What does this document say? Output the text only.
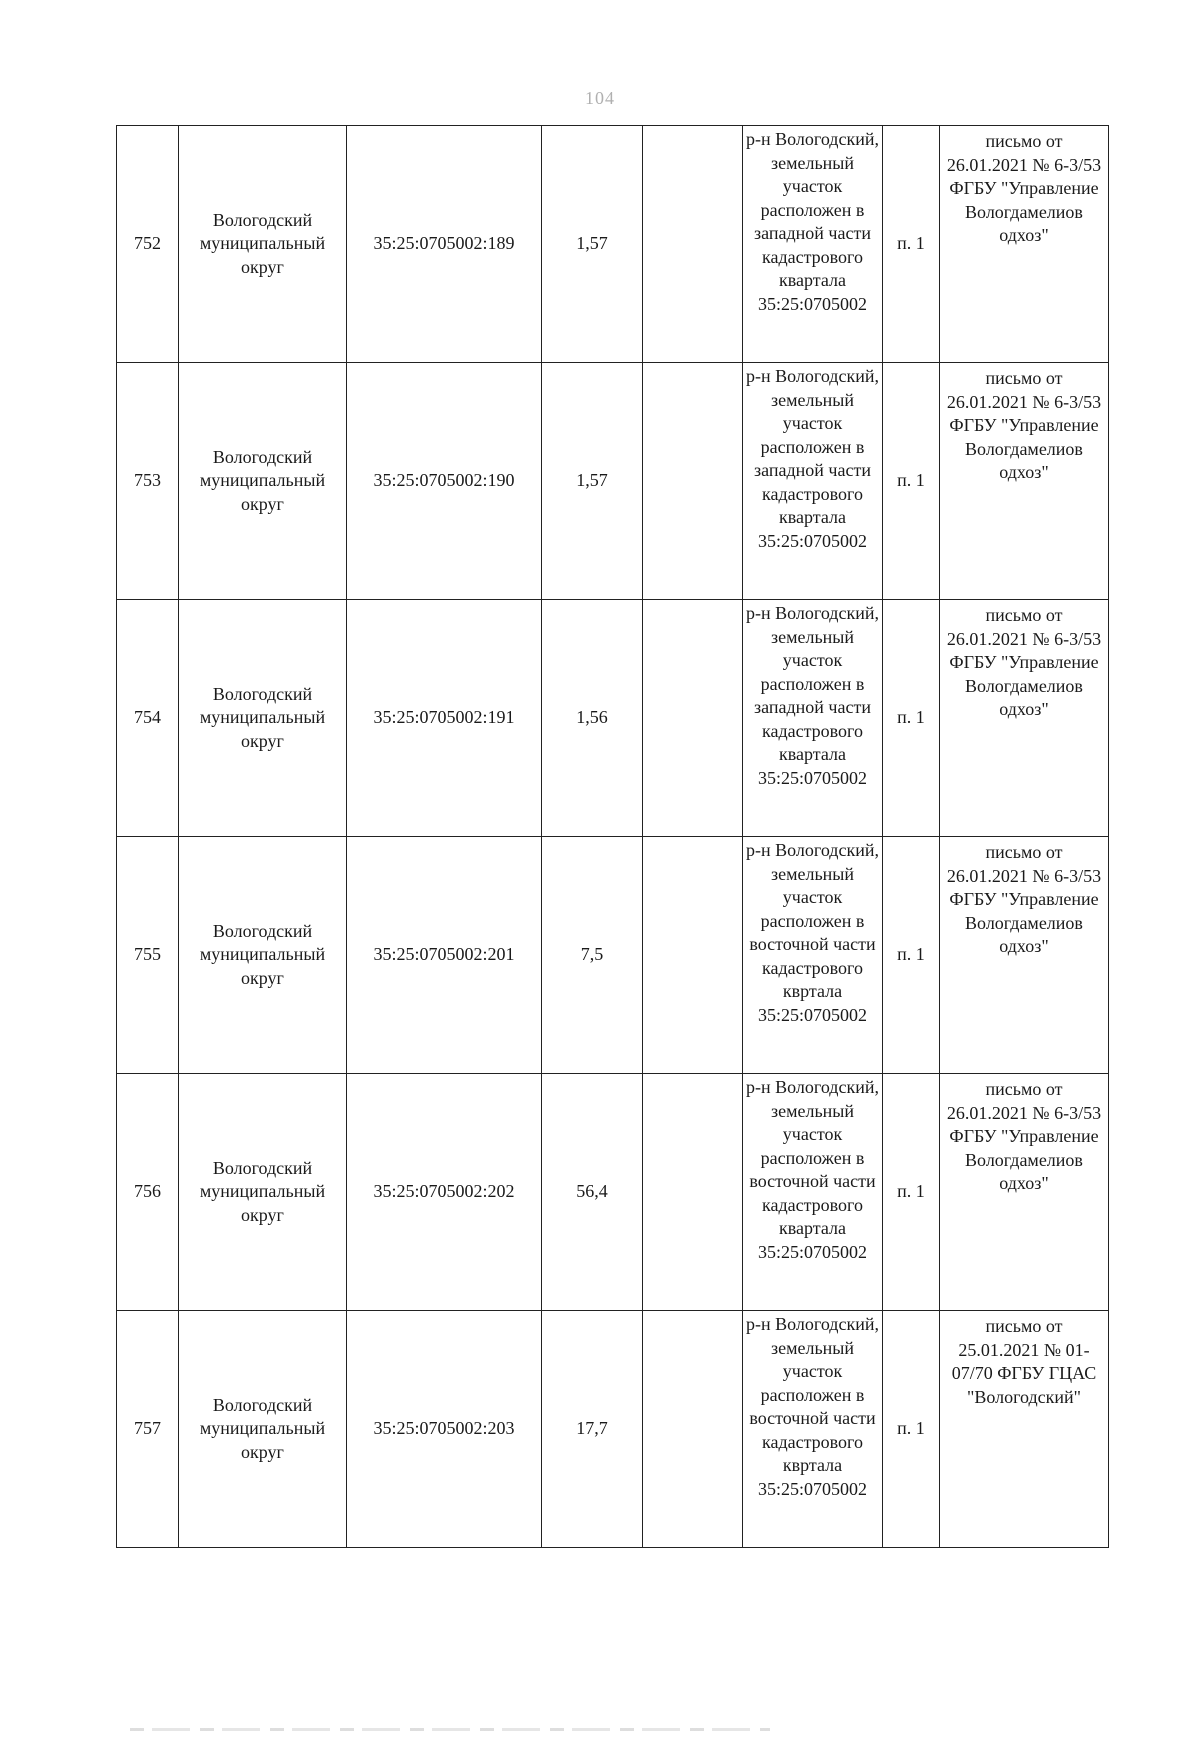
104
752	Вологодский муниципальный округ	35:25:0705002:189	1,57		р-н Вологодский, земельный участок расположен в западной части кадастрового квартала 35:25:0705002	п. 1	письмо от 26.01.2021 № 6-3/53 ФГБУ "Управление Вологдамелиов одхоз"
753	Вологодский муниципальный округ	35:25:0705002:190	1,57		р-н Вологодский, земельный участок расположен в западной части кадастрового квартала 35:25:0705002	п. 1	письмо от 26.01.2021 № 6-3/53 ФГБУ "Управление Вологдамелиов одхоз"
754	Вологодский муниципальный округ	35:25:0705002:191	1,56		р-н Вологодский, земельный участок расположен в западной части кадастрового квартала 35:25:0705002	п. 1	письмо от 26.01.2021 № 6-3/53 ФГБУ "Управление Вологдамелиов одхоз"
755	Вологодский муниципальный округ	35:25:0705002:201	7,5		р-н Вологодский, земельный участок расположен в восточной части кадастрового квртала 35:25:0705002	п. 1	письмо от 26.01.2021 № 6-3/53 ФГБУ "Управление Вологдамелиов одхоз"
756	Вологодский муниципальный округ	35:25:0705002:202	56,4		р-н Вологодский, земельный участок расположен в восточной части кадастрового квартала 35:25:0705002	п. 1	письмо от 26.01.2021 № 6-3/53 ФГБУ "Управление Вологдамелиов одхоз"
757	Вологодский муниципальный округ	35:25:0705002:203	17,7		р-н Вологодский, земельный участок расположен в восточной части кадастрового квртала 35:25:0705002	п. 1	письмо от 25.01.2021 № 01-07/70 ФГБУ ГЦАС "Вологодский"
